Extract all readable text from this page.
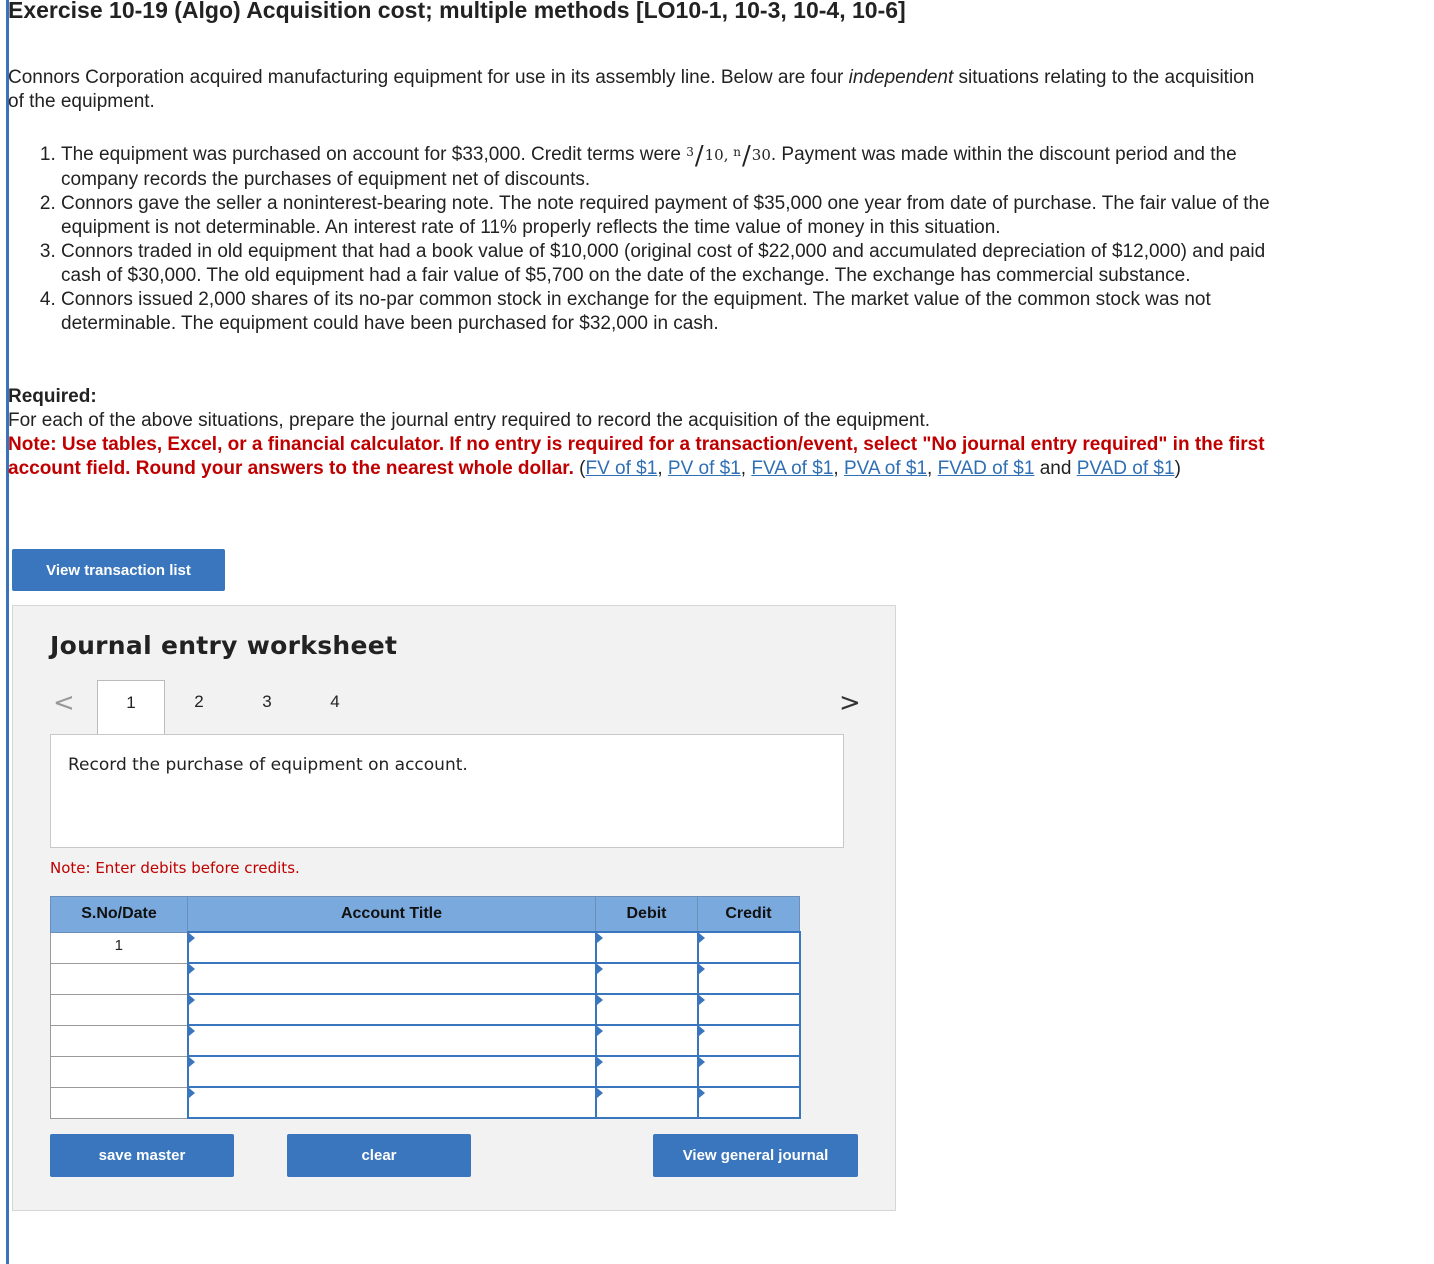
Exercise 10-19 (Algo) Acquisition cost; multiple methods [LO10-1, 10-3, 10-4, 10-6]
Connors Corporation acquired manufacturing equipment for use in its assembly line. Below are four independent situations relating to the acquisition of the equipment.
1. The equipment was purchased on account for $33,000. Credit terms were $^3$/10, $^n$/30. Payment was made within the discount period and the company records the purchases of equipment net of discounts.
2. Connors gave the seller a noninterest-bearing note. The note required payment of $35,000 one year from date of purchase. The fair value of the equipment is not determinable. An interest rate of 11% properly reflects the time value of money in this situation.
3. Connors traded in old equipment that had a book value of $10,000 (original cost of $22,000 and accumulated depreciation of $12,000) and paid cash of $30,000. The old equipment had a fair value of $5,700 on the date of the exchange. The exchange has commercial substance.
4. Connors issued 2,000 shares of its no-par common stock in exchange for the equipment. The market value of the common stock was not determinable. The equipment could have been purchased for $32,000 in cash.
Required:
For each of the above situations, prepare the journal entry required to record the acquisition of the equipment.
Note: Use tables, Excel, or a financial calculator. If no entry is required for a transaction/event, select "No journal entry required" in the first account field. Round your answers to the nearest whole dollar. (FV of $1, PV of $1, FVA of $1, PVA of $1, FVAD of $1 and PVAD of $1)
View transaction list
Journal entry worksheet
<	1	2	3	4	>
Record the purchase of equipment on account.
Note: Enter debits before credits.
S.No/Date	Account Title	Debit	Credit
1			

save master	clear	View general journal
